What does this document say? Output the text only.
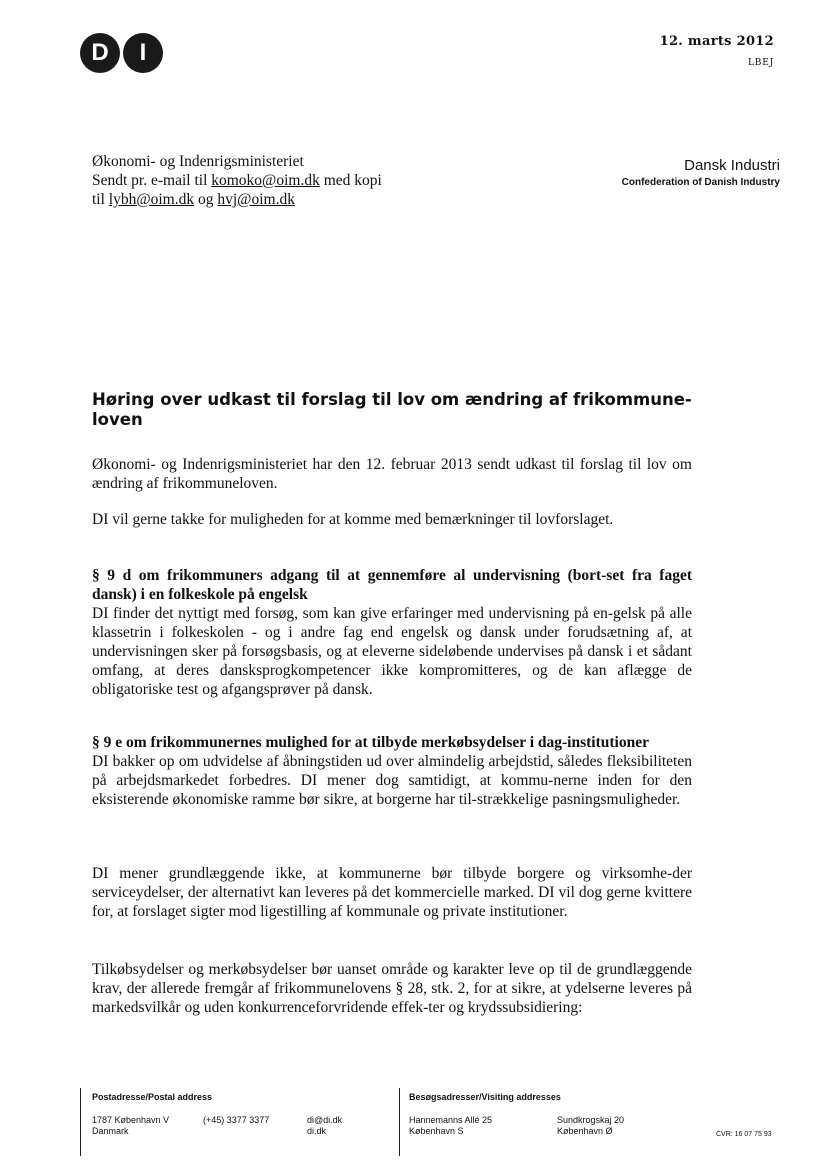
D	I	12. marts 2012
LBEJ
Økonomi- og Indenrigsministeriet
Sendt pr. e-mail til komoko@oim.dk med kopi
til lybh@oim.dk og hvj@oim.dk
Dansk Industri
Confederation of Danish Industry
Høring over udkast til forslag til lov om ændring af frikommune-loven
Økonomi- og Indenrigsministeriet har den 12. februar 2013 sendt udkast til forslag til lov om ændring af frikommuneloven.
DI vil gerne takke for muligheden for at komme med bemærkninger til lovforslaget.
§ 9 d om frikommuners adgang til at gennemføre al undervisning (bort-set fra faget dansk) i en folkeskole på engelsk
DI finder det nyttigt med forsøg, som kan give erfaringer med undervisning på en-gelsk på alle klassetrin i folkeskolen - og i andre fag end engelsk og dansk under forudsætning af, at undervisningen sker på forsøgsbasis, og at eleverne sideløbende undervises på dansk i et sådant omfang, at deres dansksprogkompetencer ikke kompromitteres, og de kan aflægge de obligatoriske test og afgangsprøver på dansk.
§ 9 e om frikommunernes mulighed for at tilbyde merkøbsydelser i dag-institutioner
DI bakker op om udvidelse af åbningstiden ud over almindelig arbejdstid, således fleksibiliteten på arbejdsmarkedet forbedres. DI mener dog samtidigt, at kommu-nerne inden for den eksisterende økonomiske ramme bør sikre, at borgerne har til-strækkelige pasningsmuligheder.
DI mener grundlæggende ikke, at kommunerne bør tilbyde borgere og virksomhe-der serviceydelser, der alternativt kan leveres på det kommercielle marked. DI vil dog gerne kvittere for, at forslaget sigter mod ligestilling af kommunale og private institutioner.
Tilkøbsydelser og merkøbsydelser bør uanset område og karakter leve op til de grundlæggende krav, der allerede fremgår af frikommunelovens § 28, stk. 2, for at sikre, at ydelserne leveres på markedsvilkår og uden konkurrenceforvridende effek-ter og krydssubsidiering:
Postadresse/Postal address
1787 København V
Danmark
(+45) 3377 3377	di@di.dk
di.dk
Besøgsadresser/Visiting addresses
Hannemanns Allé 25
København S
Sundkrogskaj 20
København Ø	CVR: 16 07 75 93
